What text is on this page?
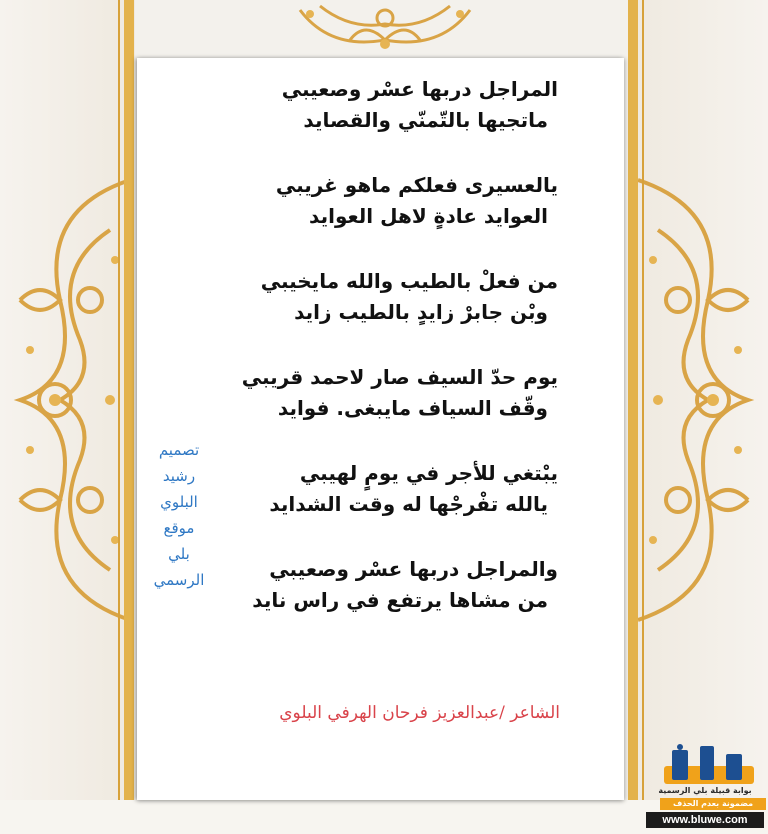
المراجل دربها عسْر وصعيبي
ماتجيها بالتّمنّي والقصايد
يالعسيرى فعلكم ماهو غريبي
العوايد عادةٍ لاهل العوايد
من فعلْ بالطيب والله مايخيبي
وبْن جابرْ زايدٍ بالطيب زايد
يوم حدّ السيف صار لاحمد قريبي
وقّف السياف مايبغى. فوايد
يبْتغي للأجر في يومٍ لهيبي
يالله تفْرجْها له وقت الشدايد
والمراجل دربها عسْر وصعيبي
من مشاها يرتفع في راس نايد
الشاعر /عبدالعزيز فرحان الهرفي البلوي
تصميم
رشيد
البلوي
موقع
بلي
الرسمي
بوابة قبيلة بلي الرسمية
مضمونة بعدم الحذف
www.bluwe.com
